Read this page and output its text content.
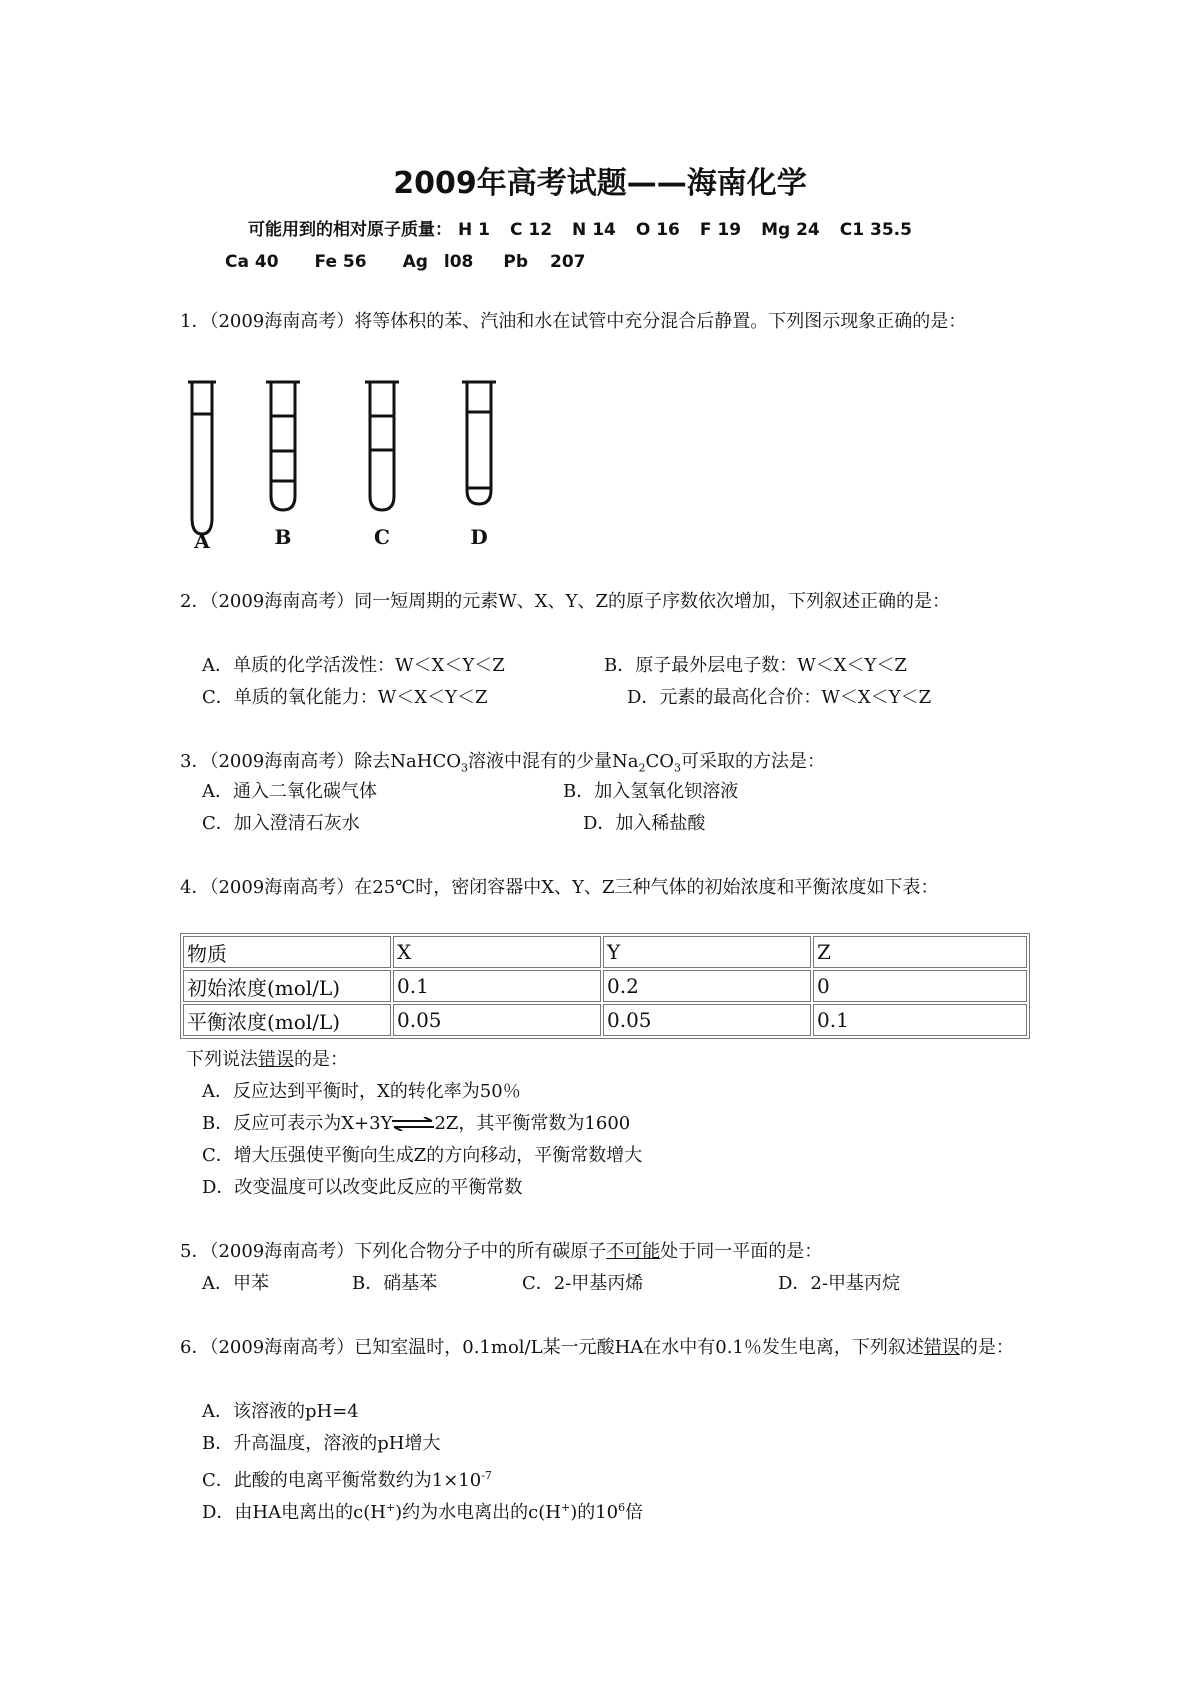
2009年高考试题——海南化学
可能用到的相对原子质量： H 1 C 12 N 14 O 16 F 19 Mg 24 C1 35.5
Ca 40 Fe 56 Ag l08 Pb 207
1．（2009海南高考）将等体积的苯、汽油和水在试管中充分混合后静置。下列图示现象正确的是：
A	B	C	D
2．（2009海南高考）同一短周期的元素W、X、Y、Z的原子序数依次增加，下列叙述正确的是：
A．单质的化学活泼性：W＜X＜Y＜Z	B．原子最外层电子数：W＜X＜Y＜Z
C．单质的氧化能力：W＜X＜Y＜Z	D．元素的最高化合价：W＜X＜Y＜Z
3．（2009海南高考）除去NaHCO$_3$溶液中混有的少量$Na_2CO_3$可采取的方法是：
A．通入二氧化碳气体	B．加入氢氧化钡溶液
C．加入澄清石灰水	D．加入稀盐酸
4．（2009海南高考）在25℃时，密闭容器中X、Y、Z三种气体的初始浓度和平衡浓度如下表：
物质	X	Y	Z
初始浓度(mol/L)	0.1	0.2	0
平衡浓度(mol/L)	0.05	0.05	0.1
下列说法错误的是：
A．反应达到平衡时，X的转化率为50％
B．反应可表示为X+3Y⇌2Z，其平衡常数为1600
C．增大压强使平衡向生成Z的方向移动，平衡常数增大
D．改变温度可以改变此反应的平衡常数
5．（2009海南高考）下列化合物分子中的所有碳原子不可能处于同一平面的是：
A．甲苯	B．硝基苯	C．2-甲基丙烯	D．2-甲基丙烷
6．（2009海南高考）已知室温时，0.1mol/L某一元酸HA在水中有0.1％发生电离，下列叙述错误的是：
A．该溶液的pH=4
B．升高温度，溶液的pH增大
C．此酸的电离平衡常数约为$1\times 10^{-7}$
D．由HA电离出的c(H+)约为水电离出的c(H+)的$10^6$倍
